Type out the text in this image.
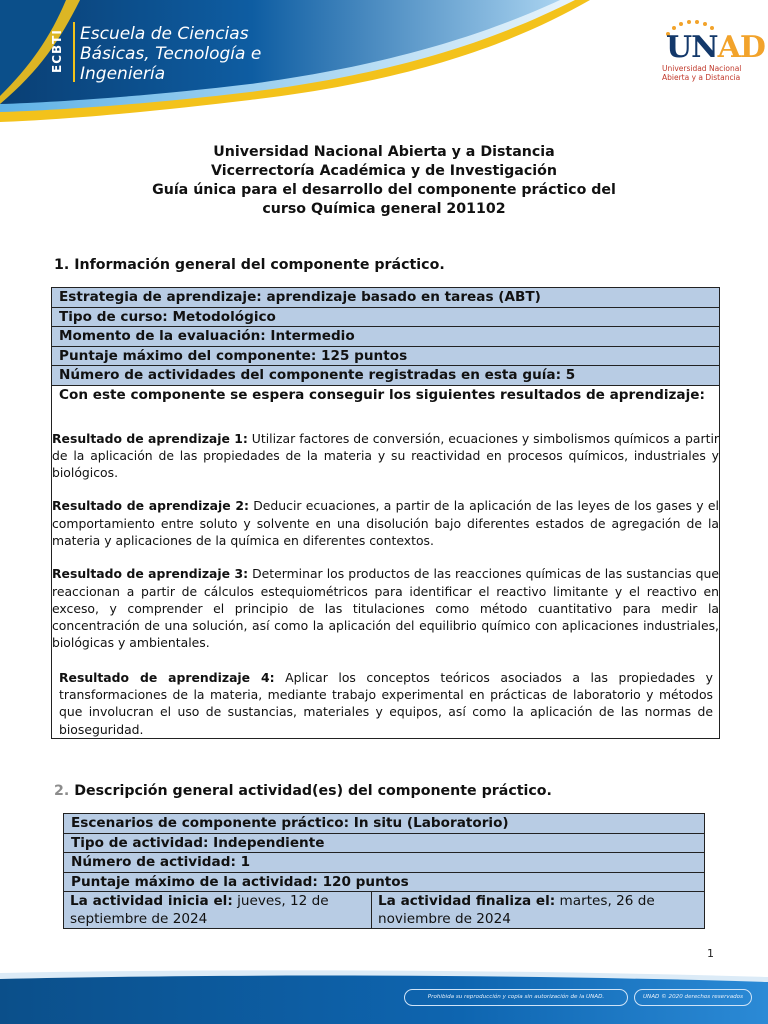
ECBTI Escuela de Ciencias
Básicas, Tecnología e
Ingeniería
UNAD
Universidad Nacional
Abierta y a Distancia
Universidad Nacional Abierta y a Distancia
Vicerrectoría Académica y de Investigación
Guía única para el desarrollo del componente práctico del
curso Química general 201102
1. Información general del componente práctico.
Estrategia de aprendizaje: aprendizaje basado en tareas (ABT)
Tipo de curso: Metodológico
Momento de la evaluación: Intermedio
Puntaje máximo del componente: 125 puntos
Número de actividades del componente registradas en esta guía: 5
Con este componente se espera conseguir los siguientes resultados de aprendizaje:

Resultado de aprendizaje 1: Utilizar factores de conversión, ecuaciones y simbolismos químicos a partir de la aplicación de las propiedades de la materia y su reactividad en procesos químicos, industriales y biológicos.

Resultado de aprendizaje 2: Deducir ecuaciones, a partir de la aplicación de las leyes de los gases y el comportamiento entre soluto y solvente en una disolución bajo diferentes estados de agregación de la materia y aplicaciones de la química en diferentes contextos.

Resultado de aprendizaje 3: Determinar los productos de las reacciones químicas de las sustancias que reaccionan a partir de cálculos estequiométricos para identificar el reactivo limitante y el reactivo en exceso, y comprender el principio de las titulaciones como método cuantitativo para medir la concentración de una solución, así como la aplicación del equilibrio químico con aplicaciones industriales, biológicas y ambientales.

Resultado de aprendizaje 4: Aplicar los conceptos teóricos asociados a las propiedades y transformaciones de la materia, mediante trabajo experimental en prácticas de laboratorio y métodos que involucran el uso de sustancias, materiales y equipos, así como la aplicación de las normas de bioseguridad.

2. Descripción general actividad(es) del componente práctico.
Escenarios de componente práctico: In situ (Laboratorio)
Tipo de actividad: Independiente
Número de actividad: 1
Puntaje máximo de la actividad: 120 puntos
La actividad inicia el: jueves, 12 de septiembre de 2024
La actividad finaliza el: martes, 26 de noviembre de 2024
1
Prohibida su reproducción y copia sin autorización de la UNAD.	UNAD © 2020 derechos reservados
